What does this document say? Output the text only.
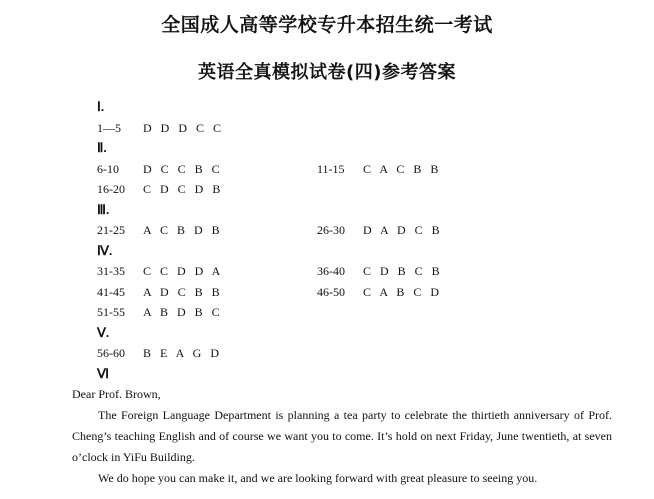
全国成人高等学校专升本招生统一考试
英语全真模拟试卷(四)参考答案
Ⅰ.
1—5 D D D C C
Ⅱ.
6-10 D C C B C	11-15 C A C B B
16-20 C D C D B
Ⅲ.
21-25 A C B D B	26-30 D A D C B
Ⅳ.
31-35 C C D D A	36-40 C D B C B
41-45 A D C B B	46-50 C A B C D
51-55 A B D B C
Ⅴ.
56-60 B E A G D
Ⅵ

Dear Prof. Brown,

The Foreign Language Department is planning a tea party to celebrate the thirtieth anniversary of Prof. Cheng’s teaching English and of course we want you to come. It’s hold on next Friday, June twentieth, at seven o’clock in YiFu Building.

We do hope you can make it, and we are looking forward with great pleasure to seeing you.
